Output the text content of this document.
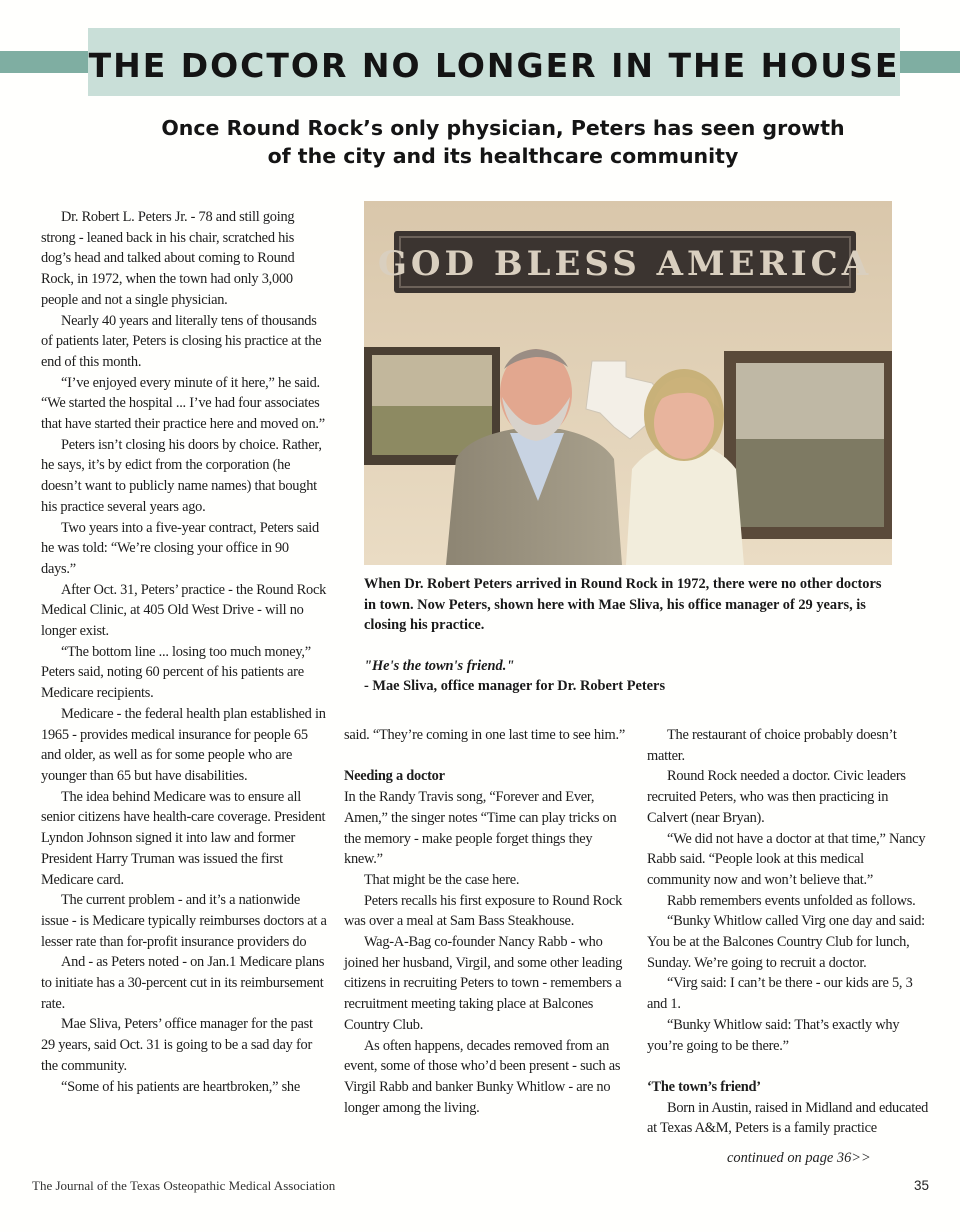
THE DOCTOR NO LONGER IN THE HOUSE
Once Round Rock’s only physician, Peters has seen growth of the city and its healthcare community

Dr. Robert L. Peters Jr. - 78 and still going strong - leaned back in his chair, scratched his dog’s head and talked about coming to Round Rock, in 1972, when the town had only 3,000 people and not a single physician.

Nearly 40 years and literally tens of thousands of patients later, Peters is closing his practice at the end of this month.

“I’ve enjoyed every minute of it here,” he said. “We started the hospital ... I’ve had four associates that have started their practice here and moved on.”

Peters isn’t closing his doors by choice. Rather, he says, it’s by edict from the corporation (he doesn’t want to publicly name names) that bought his practice several years ago.

Two years into a five-year contract, Peters said he was told: “We’re closing your office in 90 days.”

After Oct. 31, Peters’ practice - the Round Rock Medical Clinic, at 405 Old West Drive - will no longer exist.

“The bottom line ... losing too much money,” Peters said, noting 60 percent of his patients are Medicare recipients.

Medicare - the federal health plan established in 1965 - provides medical insurance for people 65 and older, as well as for some people who are younger than 65 but have disabilities.

The idea behind Medicare was to ensure all senior citizens have health-care coverage. President Lyndon Johnson signed it into law and former President Harry Truman was issued the first Medicare card.

The current problem - and it’s a nationwide issue - is Medicare typically reimburses doctors at a lesser rate than for-profit insurance providers do

And - as Peters noted - on Jan.1 Medicare plans to initiate has a 30-percent cut in its reimbursement rate.

Mae Sliva, Peters’ office manager for the past 29 years, said Oct. 31 is going to be a sad day for the community.

“Some of his patients are heartbroken,” she

GOD BLESS AMERICA

When Dr. Robert Peters arrived in Round Rock in 1972, there were no other doctors in town. Now Peters, shown here with Mae Sliva, his office manager of 29 years, is closing his practice.

"He's the town's friend."

- Mae Sliva, office manager for Dr. Robert Peters

said. “They’re coming in one last time to see him.”

Needing a doctor

In the Randy Travis song, “Forever and Ever, Amen,” the singer notes “Time can play tricks on the memory - make people forget things they knew.”

That might be the case here.

Peters recalls his first exposure to Round Rock was over a meal at Sam Bass Steakhouse.

Wag-A-Bag co-founder Nancy Rabb - who joined her husband, Virgil, and some other leading citizens in recruiting Peters to town - remembers a recruitment meeting taking place at Balcones Country Club.

As often happens, decades removed from an event, some of those who’d been present - such as Virgil Rabb and banker Bunky Whitlow - are no longer among the living.

The restaurant of choice probably doesn’t matter.

Round Rock needed a doctor. Civic leaders recruited Peters, who was then practicing in Calvert (near Bryan).

“We did not have a doctor at that time,” Nancy Rabb said. “People look at this medical community now and won’t believe that.”

Rabb remembers events unfolded as follows.

“Bunky Whitlow called Virg one day and said: You be at the Balcones Country Club for lunch, Sunday. We’re going to recruit a doctor.

“Virg said: I can’t be there - our kids are 5, 3 and 1.

“Bunky Whitlow said: That’s exactly why you’re going to be there.”

‘The town’s friend’

Born in Austin, raised in Midland and educated at Texas A&M, Peters is a family practice

continued on page 36>>
The Journal of the Texas Osteopathic Medical Association	35
